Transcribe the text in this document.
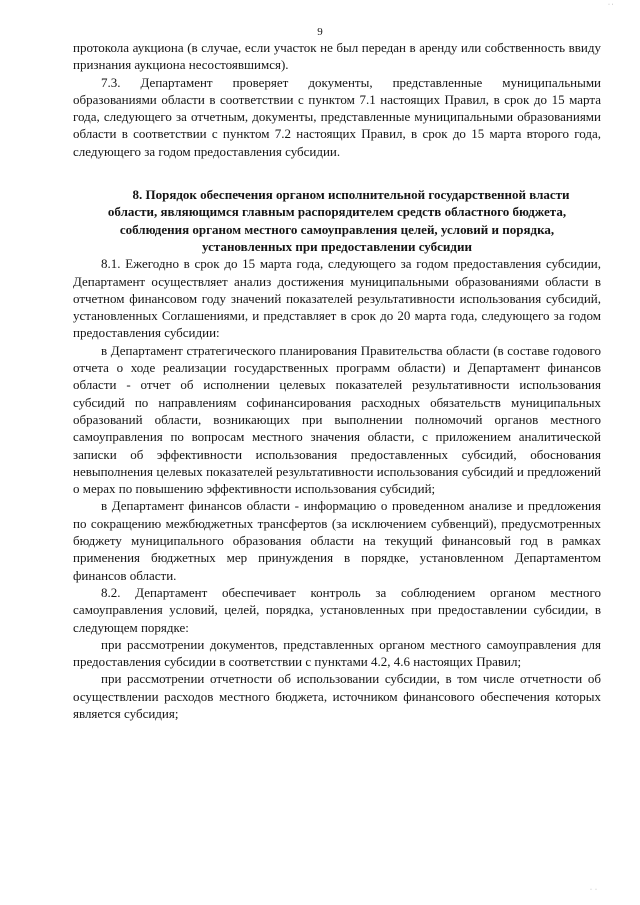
9

протокола аукциона (в случае, если участок не был передан в аренду или собственность ввиду признания аукциона несостоявшимся).

7.3. Департамент проверяет документы, представленные муниципальными образованиями области в соответствии с пунктом 7.1 настоящих Правил, в срок до 15 марта года, следующего за отчетным, документы, представленные муниципальными образованиями области в соответствии с пунктом 7.2 настоящих Правил, в срок до 15 марта второго года, следующего за годом предоставления субсидии.

8. Порядок обеспечения органом исполнительной государственной власти области, являющимся главным распорядителем средств областного бюджета, соблюдения органом местного самоуправления целей, условий и порядка, установленных при предоставлении субсидии

8.1. Ежегодно в срок до 15 марта года, следующего за годом предоставления субсидии, Департамент осуществляет анализ достижения муниципальными образованиями области в отчетном финансовом году значений показателей результативности использования субсидий, установленных Соглашениями, и представляет в срок до 20 марта года, следующего за годом предоставления субсидии:

в Департамент стратегического планирования Правительства области (в составе годового отчета о ходе реализации государственных программ области) и Департамент финансов области - отчет об исполнении целевых показателей результативности использования субсидий по направлениям софинансирования расходных обязательств муниципальных образований области, возникающих при выполнении полномочий органов местного самоуправления по вопросам местного значения области, с приложением аналитической записки об эффективности использования предоставленных субсидий, обоснования невыполнения целевых показателей результативности использования субсидий и предложений о мерах по повышению эффективности использования субсидий;

в Департамент финансов области - информацию о проведенном анализе и предложения по сокращению межбюджетных трансфертов (за исключением субвенций), предусмотренных бюджету муниципального образования области на текущий финансовый год в рамках применения бюджетных мер принуждения в порядке, установленном Департаментом финансов области.

8.2. Департамент обеспечивает контроль за соблюдением органом местного самоуправления условий, целей, порядка, установленных при предоставлении субсидии, в следующем порядке:

при рассмотрении документов, представленных органом местного самоуправления для предоставления субсидии в соответствии с пунктами 4.2, 4.6 настоящих Правил;

при рассмотрении отчетности об использовании субсидии, в том числе отчетности об осуществлении расходов местного бюджета, источником финансового обеспечения которых является субсидия;

· ·
·  ·
